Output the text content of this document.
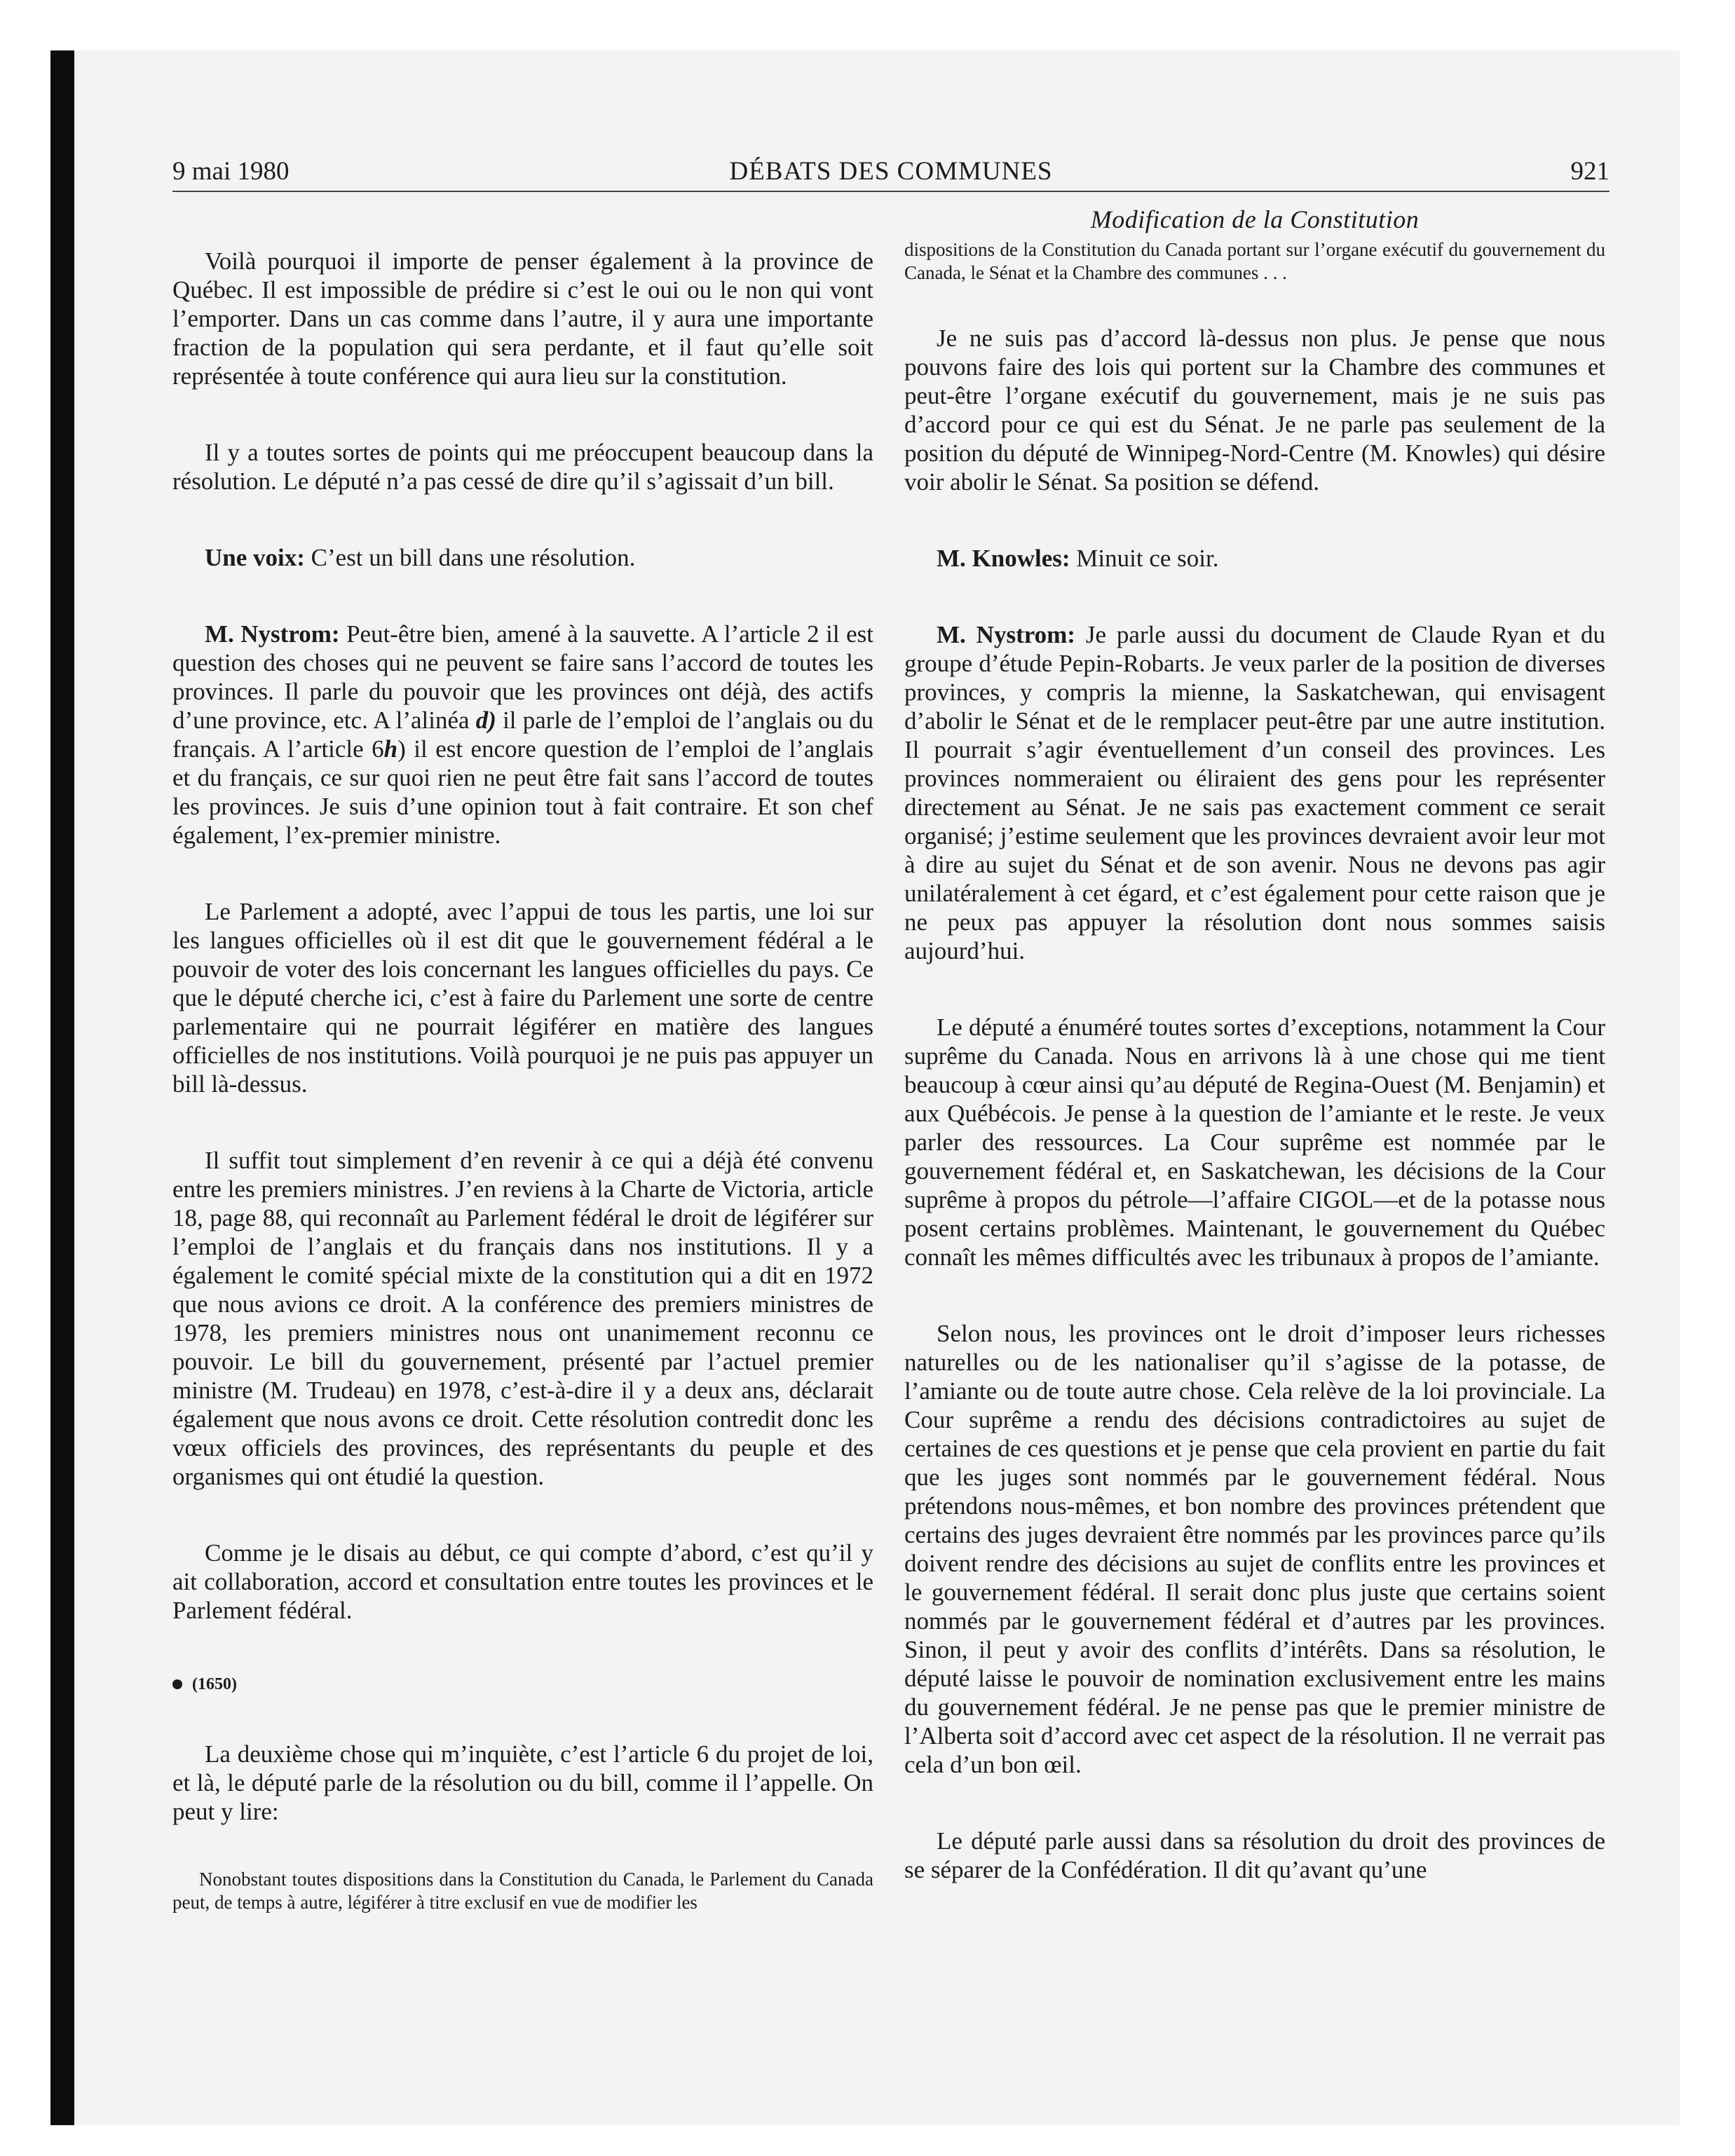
9 mai 1980	DÉBATS DES COMMUNES	921

Voilà pourquoi il importe de penser également à la province de Québec. Il est impossible de prédire si c’est le oui ou le non qui vont l’emporter. Dans un cas comme dans l’autre, il y aura une importante fraction de la population qui sera perdante, et il faut qu’elle soit représentée à toute conférence qui aura lieu sur la constitution.

Il y a toutes sortes de points qui me préoccupent beaucoup dans la résolution. Le député n’a pas cessé de dire qu’il s’agissait d’un bill.

Une voix: C’est un bill dans une résolution.

M. Nystrom: Peut-être bien, amené à la sauvette. A l’article 2 il est question des choses qui ne peuvent se faire sans l’accord de toutes les provinces. Il parle du pouvoir que les provinces ont déjà, des actifs d’une province, etc. A l’alinéa d) il parle de l’emploi de l’anglais ou du français. A l’article 6h) il est encore question de l’emploi de l’anglais et du français, ce sur quoi rien ne peut être fait sans l’accord de toutes les provinces. Je suis d’une opinion tout à fait contraire. Et son chef également, l’ex-premier ministre.

Le Parlement a adopté, avec l’appui de tous les partis, une loi sur les langues officielles où il est dit que le gouvernement fédéral a le pouvoir de voter des lois concernant les langues officielles du pays. Ce que le député cherche ici, c’est à faire du Parlement une sorte de centre parlementaire qui ne pourrait légiférer en matière des langues officielles de nos institutions. Voilà pourquoi je ne puis pas appuyer un bill là-dessus.

Il suffit tout simplement d’en revenir à ce qui a déjà été convenu entre les premiers ministres. J’en reviens à la Charte de Victoria, article 18, page 88, qui reconnaît au Parlement fédéral le droit de légiférer sur l’emploi de l’anglais et du français dans nos institutions. Il y a également le comité spécial mixte de la constitution qui a dit en 1972 que nous avions ce droit. A la conférence des premiers ministres de 1978, les premiers ministres nous ont unanimement reconnu ce pouvoir. Le bill du gouvernement, présenté par l’actuel premier ministre (M. Trudeau) en 1978, c’est-à-dire il y a deux ans, déclarait également que nous avons ce droit. Cette résolution contredit donc les vœux officiels des provinces, des représentants du peuple et des organismes qui ont étudié la question.

Comme je le disais au début, ce qui compte d’abord, c’est qu’il y ait collaboration, accord et consultation entre toutes les provinces et le Parlement fédéral.

(1650)

La deuxième chose qui m’inquiète, c’est l’article 6 du projet de loi, et là, le député parle de la résolution ou du bill, comme il l’appelle. On peut y lire:

Nonobstant toutes dispositions dans la Constitution du Canada, le Parlement du Canada peut, de temps à autre, légiférer à titre exclusif en vue de modifier les

Modification de la Constitution

dispositions de la Constitution du Canada portant sur l’organe exécutif du gouvernement du Canada, le Sénat et la Chambre des communes . . .

Je ne suis pas d’accord là-dessus non plus. Je pense que nous pouvons faire des lois qui portent sur la Chambre des communes et peut-être l’organe exécutif du gouvernement, mais je ne suis pas d’accord pour ce qui est du Sénat. Je ne parle pas seulement de la position du député de Winnipeg-Nord-Centre (M. Knowles) qui désire voir abolir le Sénat. Sa position se défend.

M. Knowles: Minuit ce soir.

M. Nystrom: Je parle aussi du document de Claude Ryan et du groupe d’étude Pepin-Robarts. Je veux parler de la position de diverses provinces, y compris la mienne, la Saskatchewan, qui envisagent d’abolir le Sénat et de le remplacer peut-être par une autre institution. Il pourrait s’agir éventuellement d’un conseil des provinces. Les provinces nommeraient ou éliraient des gens pour les représenter directement au Sénat. Je ne sais pas exactement comment ce serait organisé; j’estime seulement que les provinces devraient avoir leur mot à dire au sujet du Sénat et de son avenir. Nous ne devons pas agir unilatéralement à cet égard, et c’est également pour cette raison que je ne peux pas appuyer la résolution dont nous sommes saisis aujourd’hui.

Le député a énuméré toutes sortes d’exceptions, notamment la Cour suprême du Canada. Nous en arrivons là à une chose qui me tient beaucoup à cœur ainsi qu’au député de Regina-Ouest (M. Benjamin) et aux Québécois. Je pense à la question de l’amiante et le reste. Je veux parler des ressources. La Cour suprême est nommée par le gouvernement fédéral et, en Saskatchewan, les décisions de la Cour suprême à propos du pétrole—l’affaire CIGOL—et de la potasse nous posent certains problèmes. Maintenant, le gouvernement du Québec connaît les mêmes difficultés avec les tribunaux à propos de l’amiante.

Selon nous, les provinces ont le droit d’imposer leurs richesses naturelles ou de les nationaliser qu’il s’agisse de la potasse, de l’amiante ou de toute autre chose. Cela relève de la loi provinciale. La Cour suprême a rendu des décisions contradictoires au sujet de certaines de ces questions et je pense que cela provient en partie du fait que les juges sont nommés par le gouvernement fédéral. Nous prétendons nous-mêmes, et bon nombre des provinces prétendent que certains des juges devraient être nommés par les provinces parce qu’ils doivent rendre des décisions au sujet de conflits entre les provinces et le gouvernement fédéral. Il serait donc plus juste que certains soient nommés par le gouvernement fédéral et d’autres par les provinces. Sinon, il peut y avoir des conflits d’intérêts. Dans sa résolution, le député laisse le pouvoir de nomination exclusivement entre les mains du gouvernement fédéral. Je ne pense pas que le premier ministre de l’Alberta soit d’accord avec cet aspect de la résolution. Il ne verrait pas cela d’un bon œil.

Le député parle aussi dans sa résolution du droit des provinces de se séparer de la Confédération. Il dit qu’avant qu’une
